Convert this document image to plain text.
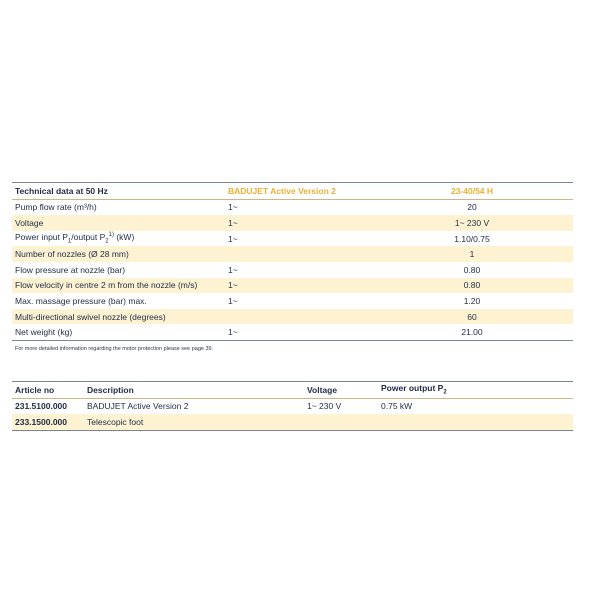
Technical data at 50 Hz	BADUJET Active Version 2	23-40/54 H
Pump flow rate (m³/h)	1~	20
Voltage	1~	1~ 230 V
Power input $P_1$/output $P_2^{1)}$ (kW)	1~	1.10/0.75
Number of nozzles (Ø 28 mm)		1
Flow pressure at nozzle (bar)	1~	0.80
Flow velocity in centre 2 m from the nozzle (m/s)	1~	0.80
Max. massage pressure (bar) max.	1~	1.20
Multi-directional swivel nozzle (degrees)		60
Net weight (kg)	1~	21.00
For more detailed information regarding the motor protection please see page 39.
Article no	Description	Voltage	Power output $P_2$
231.5100.000	BADUJET Active Version 2	1~ 230 V	0.75 kW
233.1500.000	Telescopic foot		
